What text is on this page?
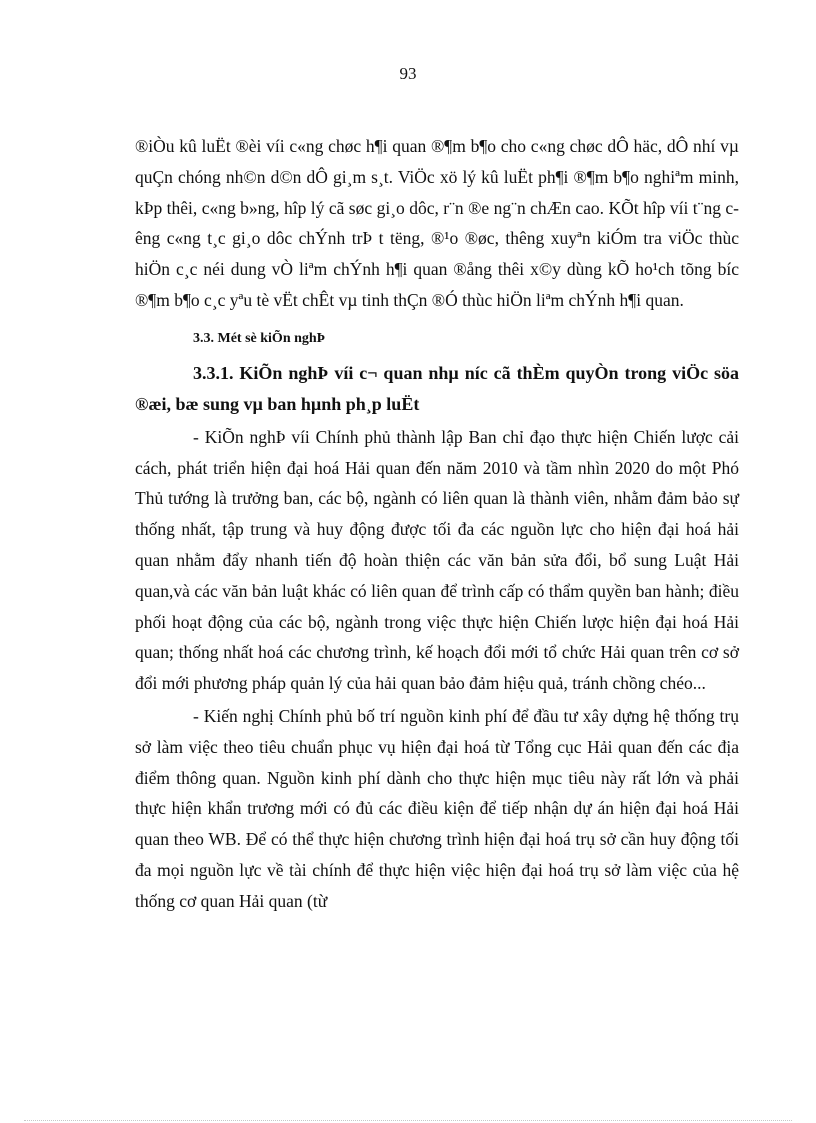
93

®iÒu kû luËt ®èi víi c«ng chøc h¶i quan ®¶m b¶o cho c«ng chøc dÔ häc, dÔ nhí vµ quÇn chóng nh©n d©n dÔ gi¸m s¸t. ViÖc xö lý kû luËt ph¶i ®¶m b¶o nghiªm minh, kÞp thêi, c«ng b»ng, hîp lý cã søc gi¸o dôc, r¨n ®e ng¨n chÆn cao. KÕt hîp víi t¨ng cêng c«ng t¸c gi¸o dôc chÝnh trÞ t tëng, ®¹o ®øc, thêng xuyªn kiÓm tra viÖc thùc hiÖn c¸c néi dung vÒ liªm chÝnh h¶i quan ®ång thêi x©y dùng kÕ ho¹ch tõng bíc ®¶m b¶o c¸c yªu tè vËt chÊt vµ tinh thÇn ®Ó thùc hiÖn liªm chÝnh h¶i quan.

3.3. Mét sè kiÕn nghÞ
3.3.1. KiÕn nghÞ víi c¬ quan nhµ níc cã thÈm quyÒn trong viÖc söa ®æi, bæ sung vµ ban hµnh ph¸p luËt

- KiÕn nghÞ víi Chính phủ thành lập Ban chỉ đạo thực hiện Chiến lược cải cách, phát triển hiện đại hoá Hải quan đến năm 2010 và tầm nhìn 2020 do một Phó Thủ tướng là trưởng ban, các bộ, ngành có liên quan là thành viên, nhằm đảm bảo sự thống nhất, tập trung và huy động được tối đa các nguồn lực cho hiện đại hoá hải quan nhằm đẩy nhanh tiến độ hoàn thiện các văn bản sửa đổi, bổ sung Luật Hải quan,và các văn bản luật khác có liên quan để trình cấp có thẩm quyền ban hành; điều phối hoạt động của các bộ, ngành trong việc thực hiện Chiến lược hiện đại hoá Hải quan; thống nhất hoá các chương trình, kế hoạch đổi mới tổ chức Hải quan trên cơ sở đổi mới phương pháp quản lý của hải quan bảo đảm hiệu quả, tránh chồng chéo...

- Kiến nghị Chính phủ bố trí nguồn kinh phí để đầu tư xây dựng hệ thống trụ sở làm việc theo tiêu chuẩn phục vụ hiện đại hoá từ Tổng cục Hải quan đến các địa điểm thông quan. Nguồn kinh phí dành cho thực hiện mục tiêu này rất lớn và phải thực hiện khẩn trương mới có đủ các điều kiện để tiếp nhận dự án hiện đại hoá Hải quan theo WB. Để có thể thực hiện chương trình hiện đại hoá trụ sở cần huy động tối đa mọi nguồn lực về tài chính để thực hiện việc hiện đại hoá trụ sở làm việc của hệ thống cơ quan Hải quan (từ
